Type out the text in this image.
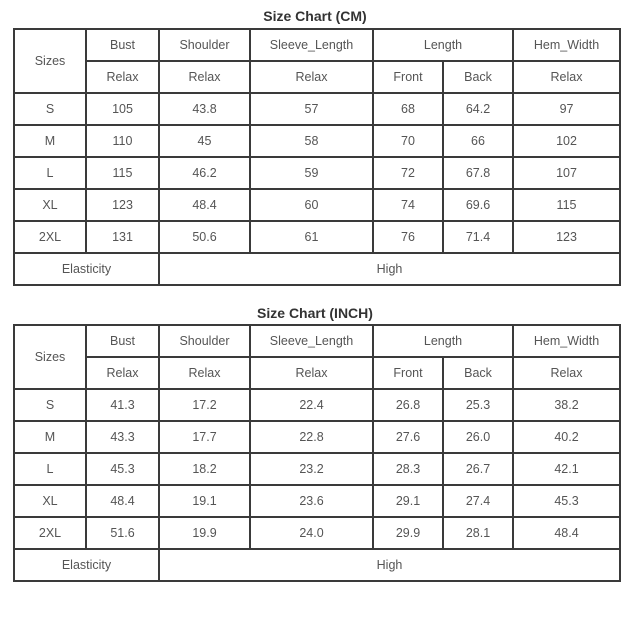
Size Chart (CM)
Sizes	Bust	Shoulder	Sleeve_Length	Length		Hem_Width
	Relax	Relax	Relax	Front	Back	Relax
S	105	43.8	57	68	64.2	97
M	110	45	58	70	66	102
L	115	46.2	59	72	67.8	107
XL	123	48.4	60	74	69.6	115
2XL	131	50.6	61	76	71.4	123
Elasticity		High				
Size Chart (INCH)
Sizes	Bust	Shoulder	Sleeve_Length	Length		Hem_Width
	Relax	Relax	Relax	Front	Back	Relax
S	41.3	17.2	22.4	26.8	25.3	38.2
M	43.3	17.7	22.8	27.6	26.0	40.2
L	45.3	18.2	23.2	28.3	26.7	42.1
XL	48.4	19.1	23.6	29.1	27.4	45.3
2XL	51.6	19.9	24.0	29.9	28.1	48.4
Elasticity		High				
